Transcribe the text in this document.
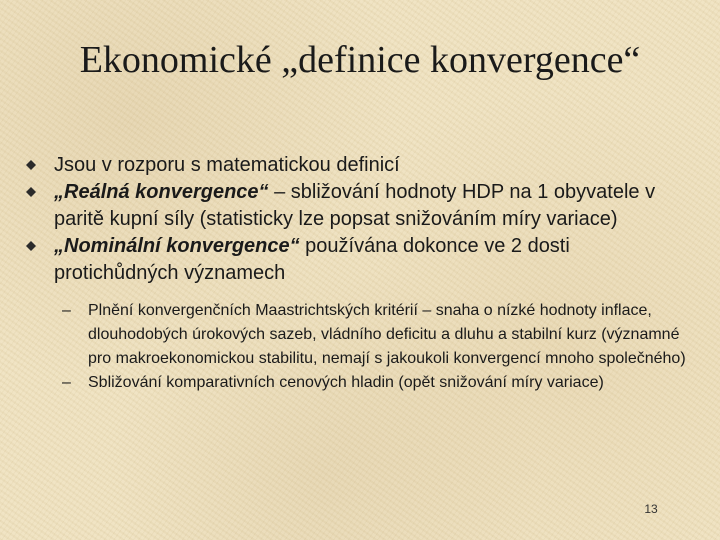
Ekonomické „definice konvergence“

Jsou v rozporu s matematickou definicí

„Reálná konvergence“ – sbližování hodnoty HDP na 1 obyvatele v paritě kupní síly (statisticky lze popsat snižováním míry variace)

„Nominální konvergence“ používána dokonce ve 2 dosti protichůdných významech

– Plnění konvergenčních Maastrichtských kritérií – snaha o nízké hodnoty inflace, dlouhodobých úrokových sazeb, vládního deficitu a dluhu a stabilní kurz (významné pro makroekonomickou stabilitu, nemají s jakoukoli konvergencí mnoho společného)

– Sbližování komparativních cenových hladin (opět snižování míry variace)

13
